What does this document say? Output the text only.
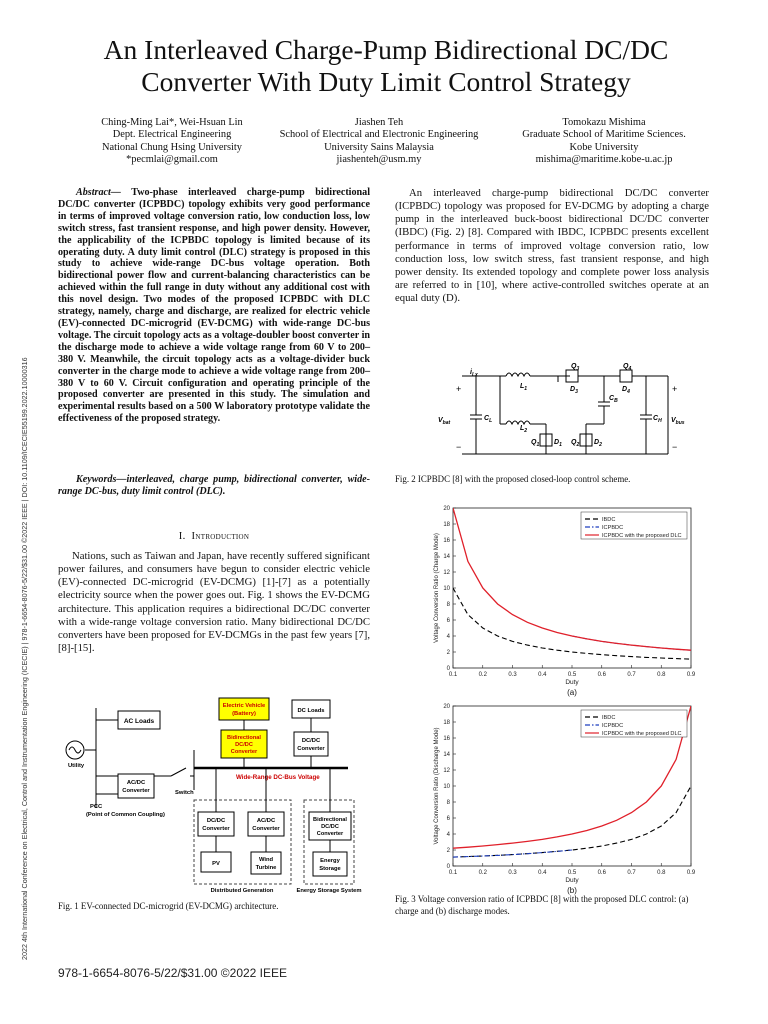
2022 4th International Conference on Electrical, Control and Instrumentation Engineering (ICECIE) | 978-1-6654-8076-5/22/$31.00 ©2022 IEEE | DOI: 10.1109/ICECIE55199.2022.10000316
An Interleaved Charge-Pump Bidirectional DC/DC
Converter With Duty Limit Control Strategy
Ching-Ming Lai*, Wei-Hsuan Lin
Dept. Electrical Engineering
National Chung Hsing University
*pecmlai@gmail.com
Jiashen Teh
School of Electrical and Electronic Engineering
University Sains Malaysia
jiashenteh@usm.my
Tomokazu Mishima
Graduate School of Maritime Sciences.
Kobe University
mishima@maritime.kobe-u.ac.jp

Abstract— Two-phase interleaved charge-pump bidirectional DC/DC converter (ICPBDC) topology exhibits very good performance in terms of improved voltage conversion ratio, low conduction loss, low switch stress, fast transient response, and high power density. However, the applicability of the ICPBDC topology is limited because of its operating duty. A duty limit control (DLC) strategy is proposed in this study to achieve wide-range DC-bus voltage operation. Both bidirectional power flow and current-balancing characteristics can be achieved within the full range in duty without any additional cost with this novel design. Two modes of the proposed ICPBDC with DLC strategy, namely, charge and discharge, are realized for electric vehicle (EV)-connected DC-microgrid (EV-DCMG) with wide-range DC-bus voltage. The circuit topology acts as a voltage-doubler boost converter in the discharge mode to achieve a wide voltage range from 60 V to 200–380 V. Meanwhile, the circuit topology acts as a voltage-divider buck converter in the charge mode to achieve a wide voltage range from 200–380 V to 60 V. Circuit configuration and operating principle of the proposed converter are presented in this study. The simulation and experimental results based on a 500 W laboratory prototype validate the effectiveness of the proposed strategy.

Keywords—interleaved, charge pump, bidirectional converter, wide-range DC-bus, duty limit control (DLC).

I. Introduction

Nations, such as Taiwan and Japan, have recently suffered significant power failures, and consumers have begun to consider electric vehicle (EV)-connected DC-microgrid (EV-DCMG) [1]-[7] as a potentially electricity source when the power goes out. Fig. 1 shows the EV-DCMG architecture. This application requires a bidirectional DC/DC converter with a wide-range voltage conversion ratio. Many bidirectional DC/DC converters have been proposed for EV-DCMGs in the past few years [7], [8]-[15].

An interleaved charge-pump bidirectional DC/DC converter (ICPBDC) topology was proposed for EV-DCMG by adopting a charge pump in the interleaved buck-boost bidirectional DC/DC converter (IBDC) (Fig. 2) [8]. Compared with IBDC, ICPBDC presents excellent performance in terms of improved voltage conversion ratio, low conduction loss, low switch stress, fast transient response, and high power density. Its extended topology and complete power loss analysis are referred to in [10], where active-controlled switches operate at an equal duty (D).

AC Loads
Utility
AC/DC
Converter	Switch
PCC
(Point of Common Coupling)
Wide-Range DC-Bus Voltage
Electric Vehicle
(Battery)
Bidirectional
DC/DC
Converter
DC Loads
DC/DC
Converter
DC/DC
Converter
AC/DC
Converter
Bidirectional
DC/DC
Converter
PV
Wind
Turbine
Energy
Storage
Distributed Generation	Energy Storage System
Fig. 1 EV-connected DC-microgrid (EV-DCMG) architecture.
$i_{Lx}$
+
$V_{bat}$
−
$C_L$
$L_1$
$L_2$
$Q_3$
$D_3$
$C_B$
$Q_4$
$D_4$
$Q_1$ $D_1$ $Q_2$ $D_2$
$C_H$
+
$V_{bus}$
−
Fig. 2 ICPBDC [8] with the proposed closed-loop control scheme.
0
2
4
6
8
10
12
14
16
18
20
0.1	0.2	0.3	0.4	0.5	0.6	0.7	0.8	0.9
Duty
Voltage Conversion Ratio (Charge Mode)
(a)
IBDC
ICPBDC
ICPBDC with the proposed DLC
0
2
4
6
8
10
12
14
16
18
20
0.1	0.2	0.3	0.4	0.5	0.6	0.7	0.8	0.9
Duty
Voltage Conversion Ratio (Discharge Mode)
(b)
IBDC
ICPBDC
ICPBDC with the proposed DLC
Fig. 3 Voltage conversion ratio of ICPBDC [8] with the proposed DLC control: (a) charge and (b) discharge modes.
978-1-6654-8076-5/22/$31.00 ©2022 IEEE
